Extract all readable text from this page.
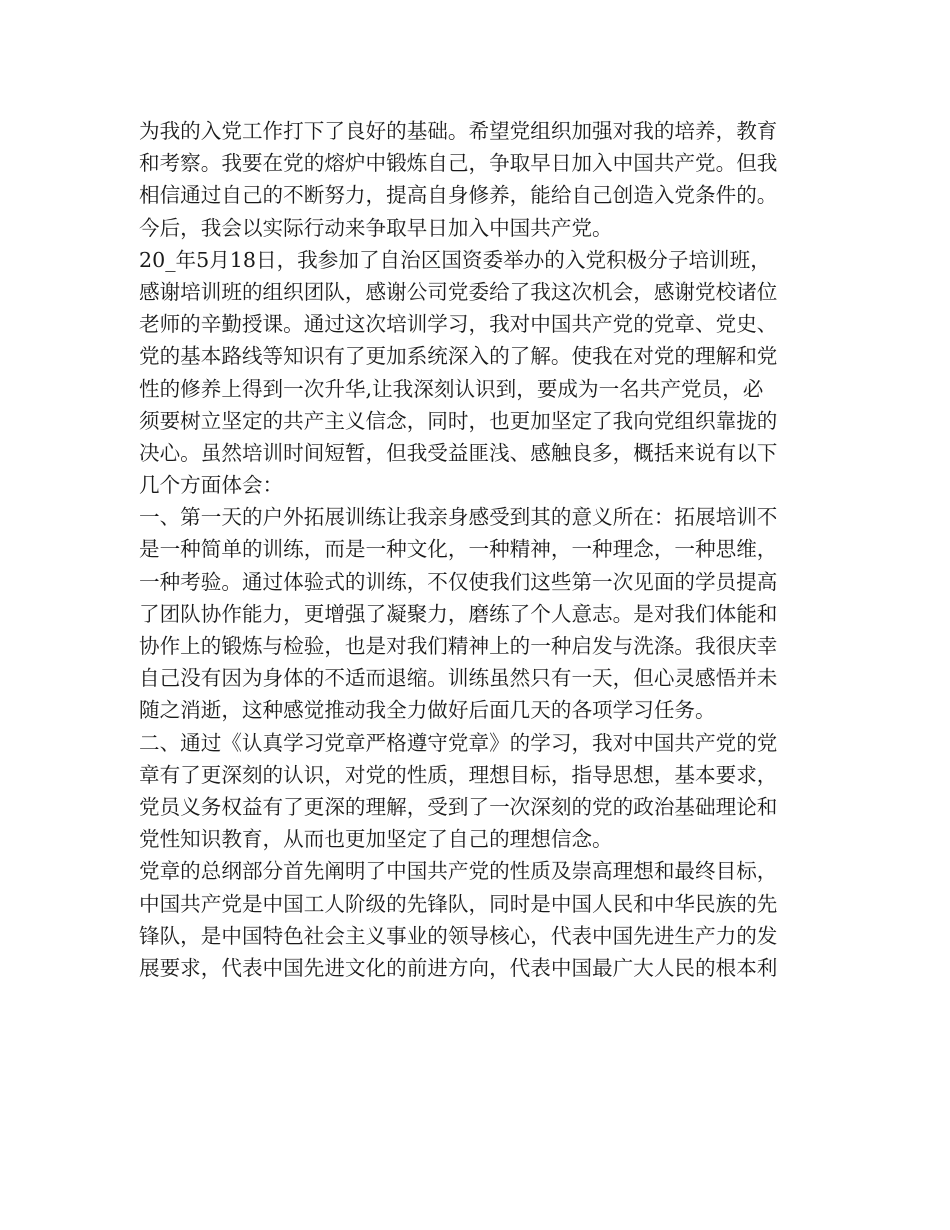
为我的入党工作打下了良好的基础。希望党组织加强对我的培养，教育
和考察。我要在党的熔炉中锻炼自己，争取早日加入中国共产党。但我
相信通过自己的不断努力，提高自身修养，能给自己创造入党条件的。
今后，我会以实际行动来争取早日加入中国共产党。
20_年5月18日，我参加了自治区国资委举办的入党积极分子培训班，
感谢培训班的组织团队，感谢公司党委给了我这次机会，感谢党校诸位
老师的辛勤授课。通过这次培训学习，我对中国共产党的党章、党史、
党的基本路线等知识有了更加系统深入的了解。使我在对党的理解和党
性的修养上得到一次升华,让我深刻认识到，要成为一名共产党员，必
须要树立坚定的共产主义信念，同时，也更加坚定了我向党组织靠拢的
决心。虽然培训时间短暂，但我受益匪浅、感触良多，概括来说有以下
几个方面体会：
一、第一天的户外拓展训练让我亲身感受到其的意义所在：拓展培训不
是一种简单的训练，而是一种文化，一种精神，一种理念，一种思维，
一种考验。通过体验式的训练，不仅使我们这些第一次见面的学员提高
了团队协作能力，更增强了凝聚力，磨练了个人意志。是对我们体能和
协作上的锻炼与检验，也是对我们精神上的一种启发与洗涤。我很庆幸
自己没有因为身体的不适而退缩。训练虽然只有一天，但心灵感悟并未
随之消逝，这种感觉推动我全力做好后面几天的各项学习任务。
二、通过《认真学习党章严格遵守党章》的学习，我对中国共产党的党
章有了更深刻的认识，对党的性质，理想目标，指导思想，基本要求，
党员义务权益有了更深的理解，受到了一次深刻的党的政治基础理论和
党性知识教育，从而也更加坚定了自己的理想信念。
党章的总纲部分首先阐明了中国共产党的性质及崇高理想和最终目标，
中国共产党是中国工人阶级的先锋队，同时是中国人民和中华民族的先
锋队，是中国特色社会主义事业的领导核心，代表中国先进生产力的发
展要求，代表中国先进文化的前进方向，代表中国最广大人民的根本利
